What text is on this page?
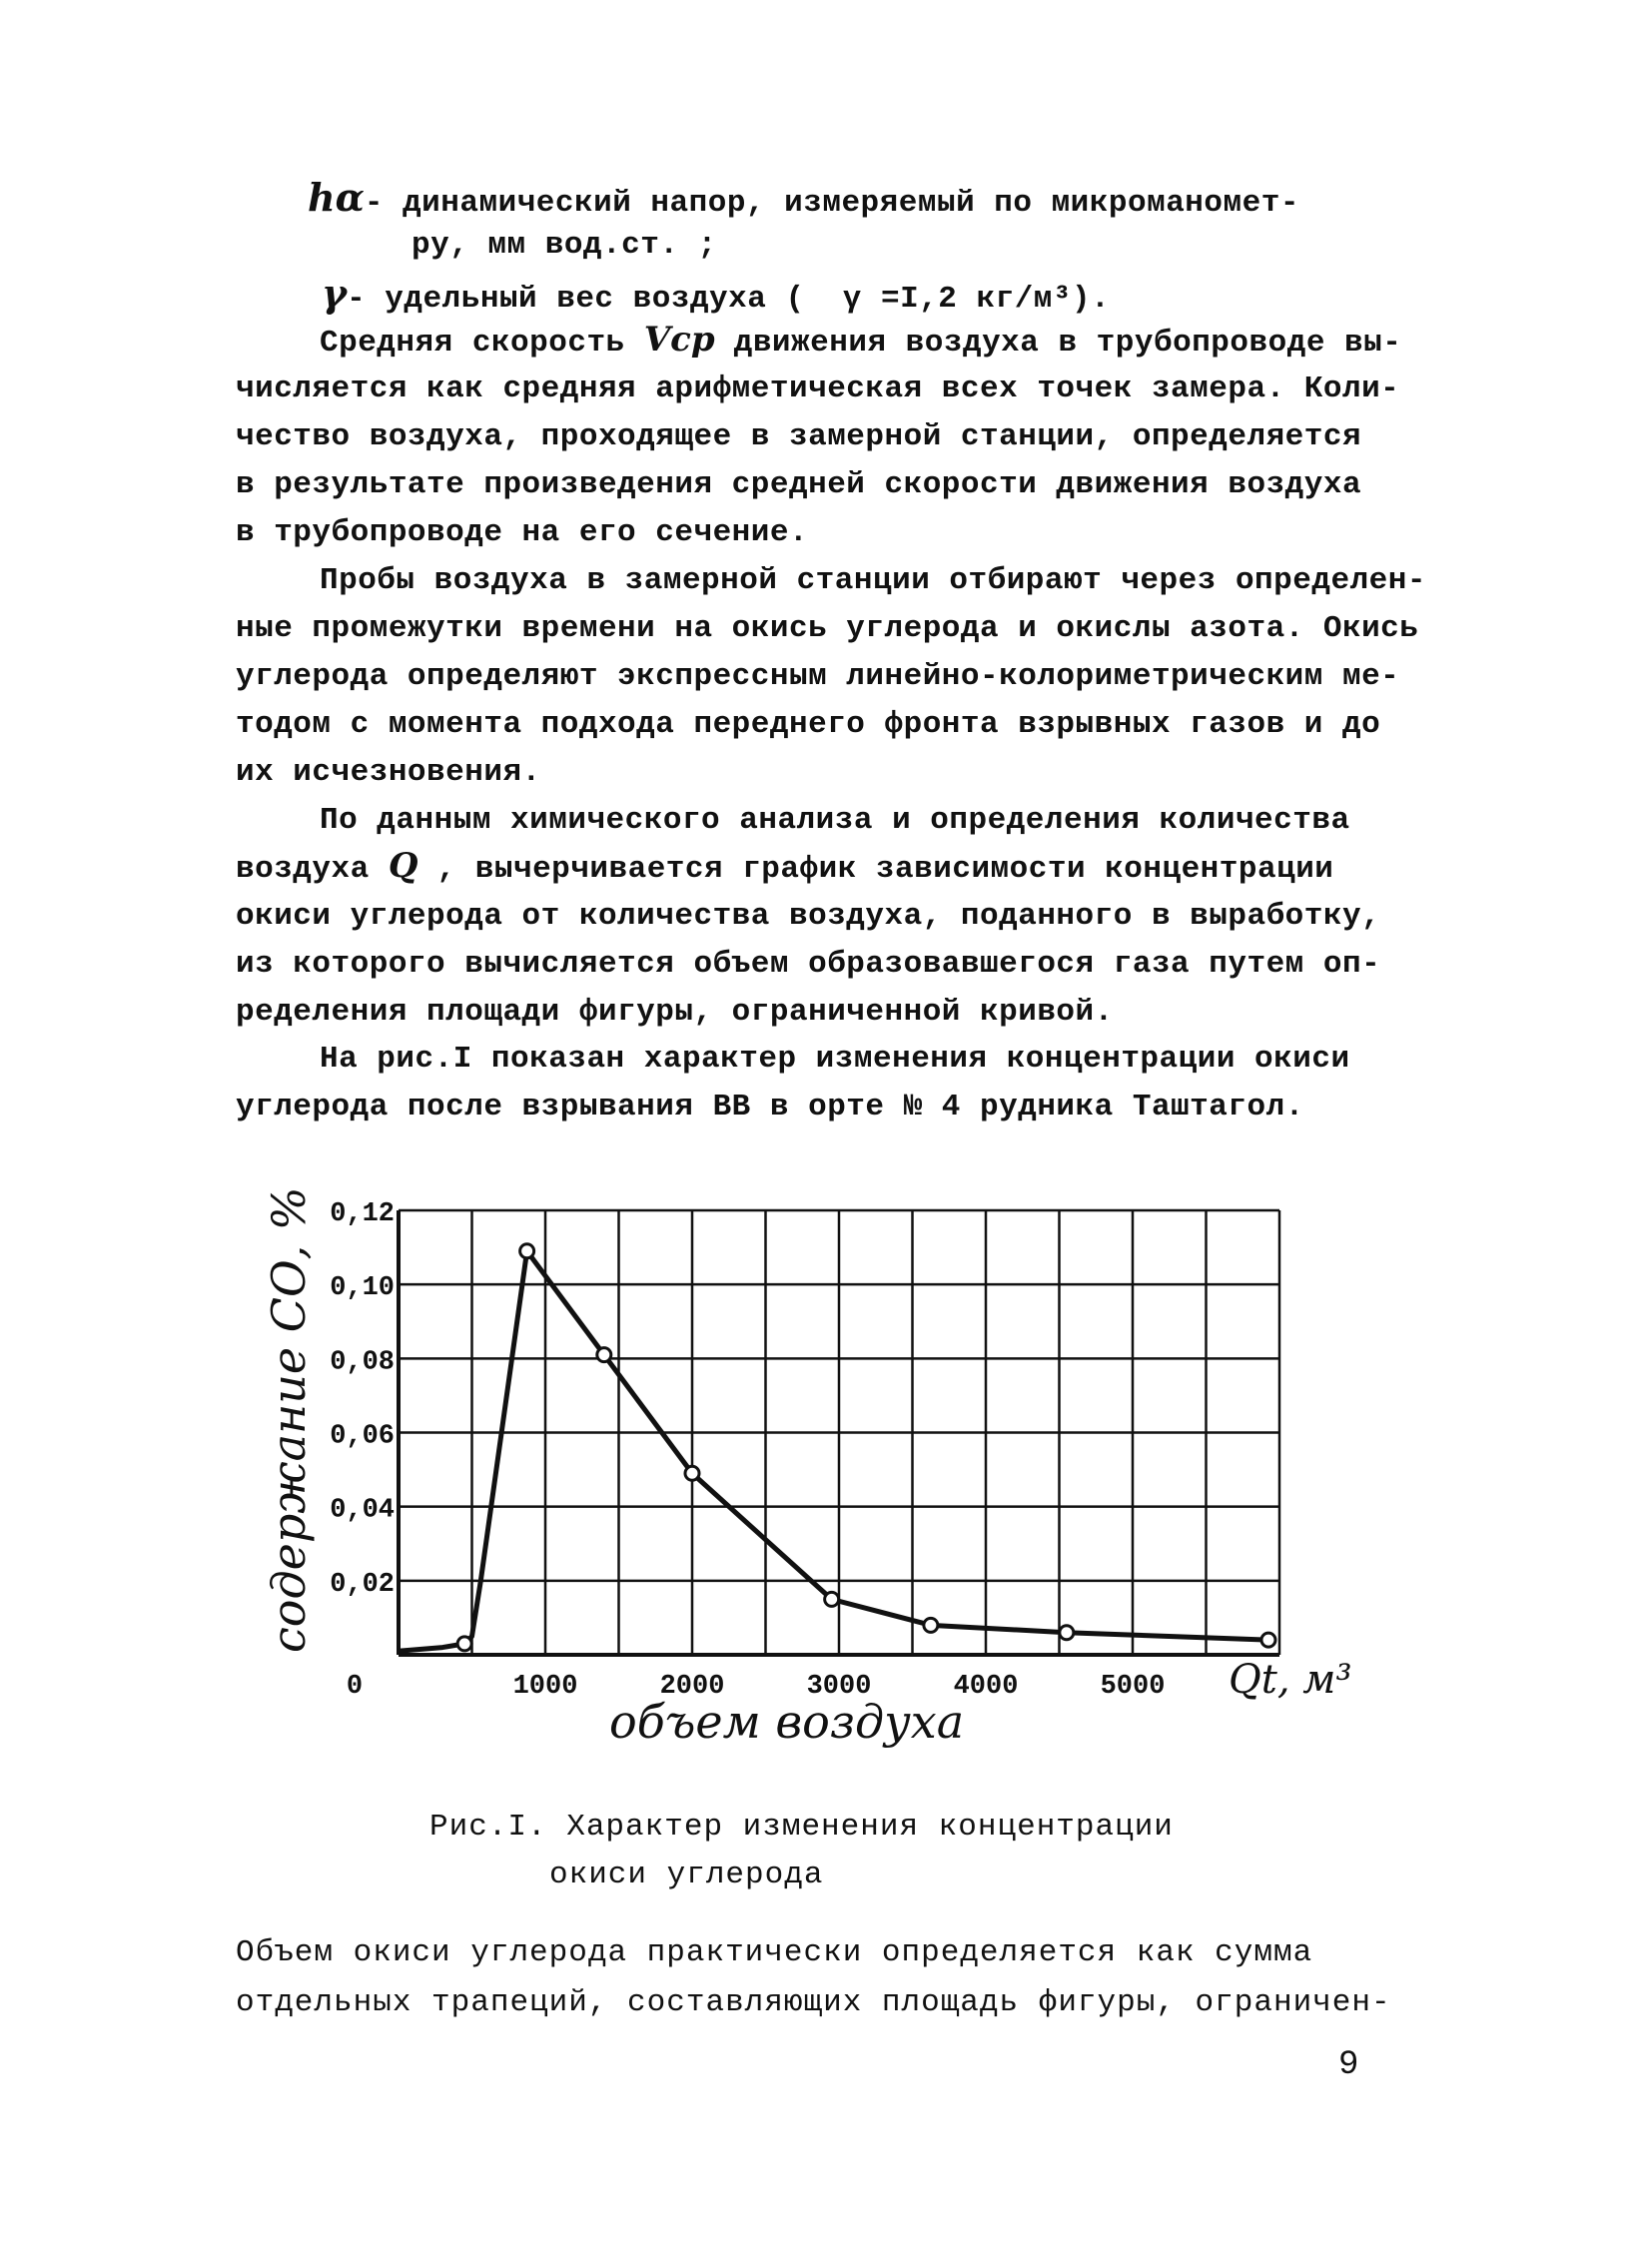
hα - динамический напор, измеряемый по микроманомет-
ру, мм вод.ст. ;
γ - удельный вес воздуха (  γ =I,2 кг/м³).
Средняя скорость Vср движения воздуха в трубопроводе вы-
числяется как средняя арифметическая всех точек замера. Коли-
чество воздуха, проходящее в замерной станции, определяется
в результате произведения средней скорости движения воздуха
в трубопроводе на его сечение.
Пробы воздуха в замерной станции отбирают через определен-
ные промежутки времени на окись углерода и окислы азота. Окись
углерода определяют экспрессным линейно-колориметрическим ме-
тодом с момента подхода переднего фронта взрывных газов и до
их исчезновения.
По данным химического анализа и определения количества
воздуха Q , вычерчивается график зависимости концентрации
окиси углерода от количества воздуха, поданного в выработку,
из которого вычисляется объем образовавшегося газа путем оп-
ределения площади фигуры, ограниченной кривой.
На рис.I показан характер изменения концентрации окиси
углерода после взрывания ВВ в орте № 4 рудника Таштагол.
0,02
0,04
0,06
0,08
0,10
0,12
0	1000	2000	3000	4000	5000
содержание СО, %
объем воздуха
Qt, м³
Рис.I. Характер изменения концентрации
окиси углерода
Объем окиси углерода практически определяется как сумма
отдельных трапеций, составляющих площадь фигуры, ограничен-
9
